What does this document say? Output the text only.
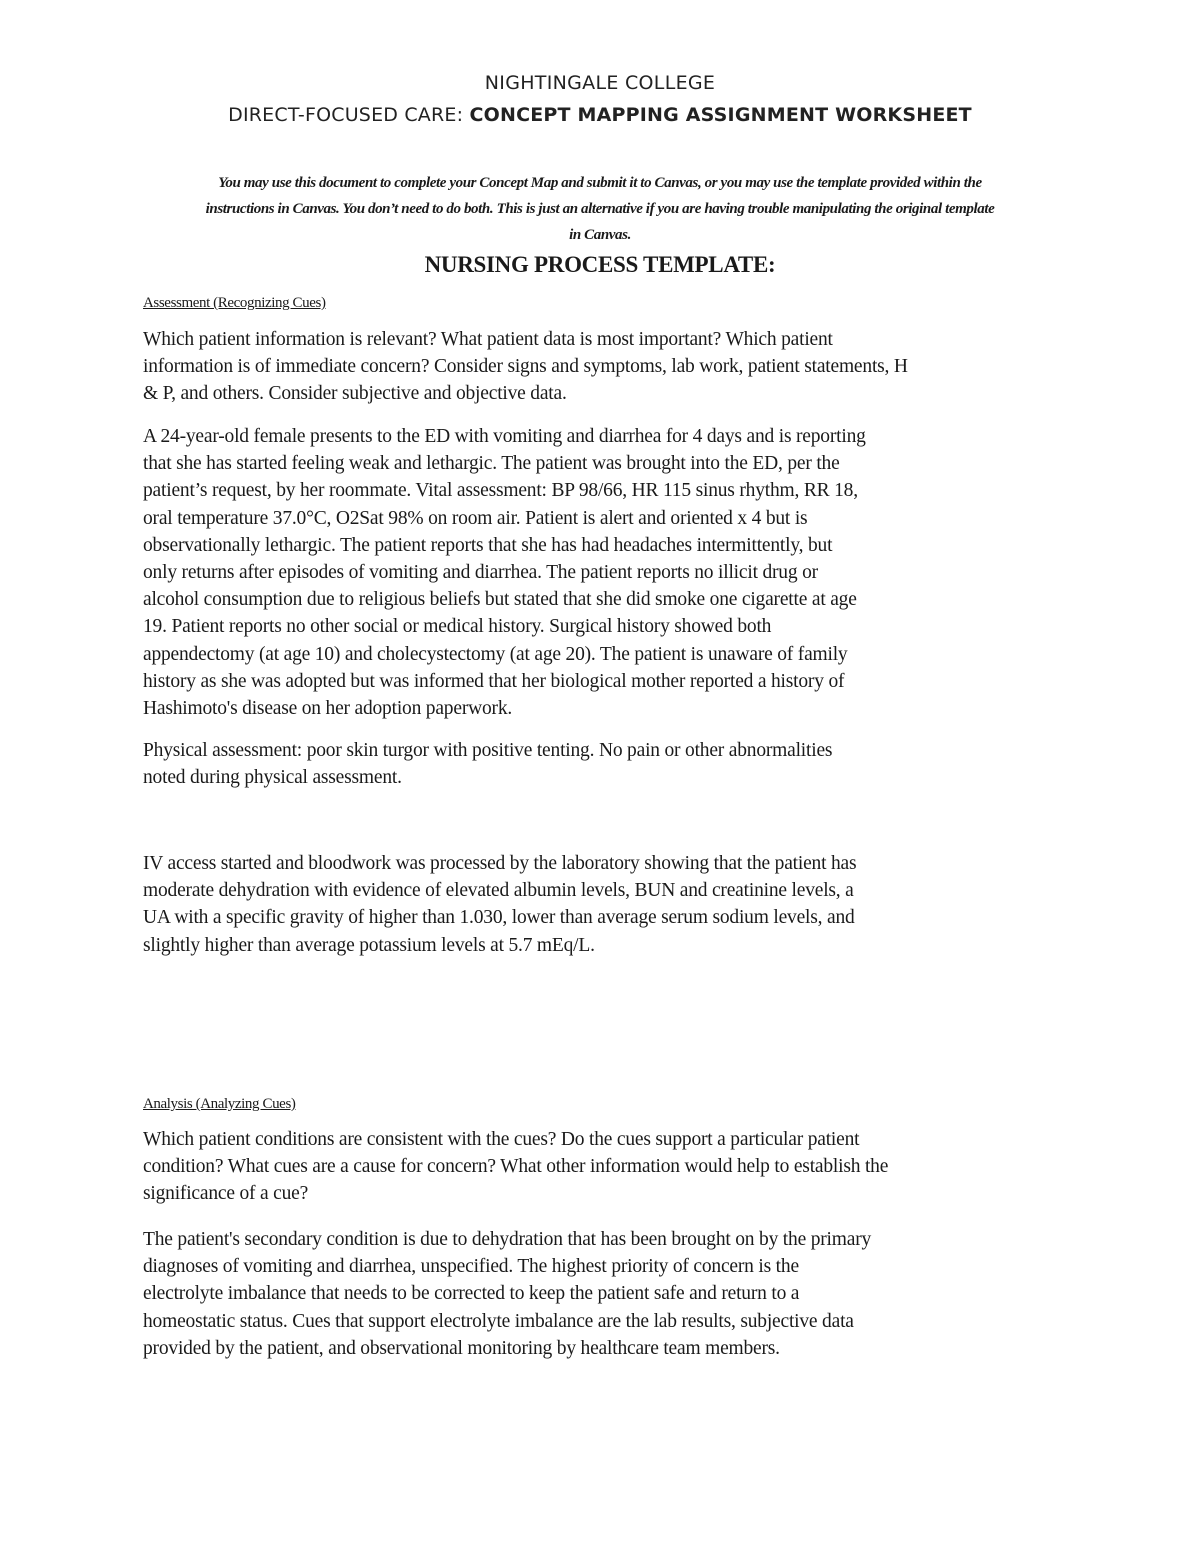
NIGHTINGALE COLLEGE
DIRECT-FOCUSED CARE: CONCEPT MAPPING ASSIGNMENT WORKSHEET
You may use this document to complete your Concept Map and submit it to Canvas, or you may use the template provided within the
instructions in Canvas. You don’t need to do both. This is just an alternative if you are having trouble manipulating the original template
in Canvas.
NURSING PROCESS TEMPLATE:
Assessment (Recognizing Cues)
Which patient information is relevant? What patient data is most important? Which patient
information is of immediate concern? Consider signs and symptoms, lab work, patient statements, H
& P, and others. Consider subjective and objective data.
A 24-year-old female presents to the ED with vomiting and diarrhea for 4 days and is reporting
that she has started feeling weak and lethargic. The patient was brought into the ED, per the
patient’s request, by her roommate. Vital assessment: BP 98/66, HR 115 sinus rhythm, RR 18,
oral temperature 37.0°C, O2Sat 98% on room air. Patient is alert and oriented x 4 but is
observationally lethargic. The patient reports that she has had headaches intermittently, but
only returns after episodes of vomiting and diarrhea. The patient reports no illicit drug or
alcohol consumption due to religious beliefs but stated that she did smoke one cigarette at age
19. Patient reports no other social or medical history. Surgical history showed both
appendectomy (at age 10) and cholecystectomy (at age 20). The patient is unaware of family
history as she was adopted but was informed that her biological mother reported a history of
Hashimoto's disease on her adoption paperwork.
Physical assessment: poor skin turgor with positive tenting. No pain or other abnormalities
noted during physical assessment.
IV access started and bloodwork was processed by the laboratory showing that the patient has
moderate dehydration with evidence of elevated albumin levels, BUN and creatinine levels, a
UA with a specific gravity of higher than 1.030, lower than average serum sodium levels, and
slightly higher than average potassium levels at 5.7 mEq/L.
Analysis (Analyzing Cues)
Which patient conditions are consistent with the cues? Do the cues support a particular patient
condition? What cues are a cause for concern? What other information would help to establish the
significance of a cue?
The patient's secondary condition is due to dehydration that has been brought on by the primary
diagnoses of vomiting and diarrhea, unspecified. The highest priority of concern is the
electrolyte imbalance that needs to be corrected to keep the patient safe and return to a
homeostatic status. Cues that support electrolyte imbalance are the lab results, subjective data
provided by the patient, and observational monitoring by healthcare team members.
